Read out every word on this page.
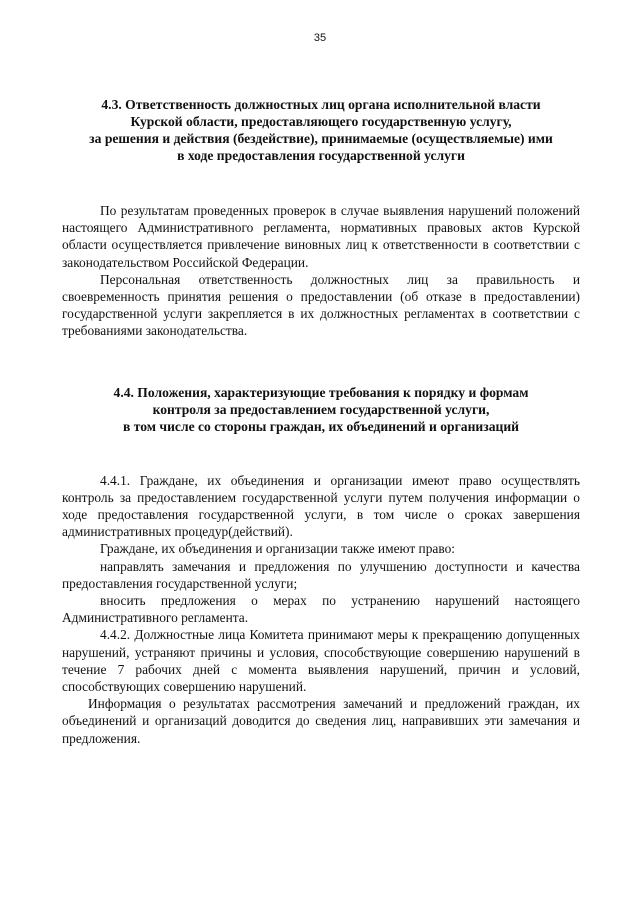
35
4.3. Ответственность должностных лиц органа исполнительной власти
Курской области, предоставляющего государственную услугу,
за решения и действия (бездействие), принимаемые (осуществляемые) ими
в ходе предоставления государственной услуги

По результатам проведенных проверок в случае выявления нарушений положений настоящего Административного регламента, нормативных правовых актов Курской области осуществляется привлечение виновных лиц к ответственности в соответствии с законодательством Российской Федерации.

Персональная ответственность должностных лиц за правильность и своевременность принятия решения о предоставлении (об отказе в предоставлении) государственной услуги закрепляется в их должностных регламентах в соответствии с требованиями законодательства.

4.4. Положения, характеризующие требования к порядку и формам
контроля за предоставлением государственной услуги,
в том числе со стороны граждан, их объединений и организаций

4.4.1. Граждане, их объединения и организации имеют право осуществлять контроль за предоставлением государственной услуги путем получения информации о ходе предоставления государственной услуги, в том числе о сроках завершения административных процедур(действий).

Граждане, их объединения и организации также имеют право:

направлять замечания и предложения по улучшению доступности и качества предоставления государственной услуги;

вносить предложения о мерах по устранению нарушений настоящего Административного регламента.

4.4.2. Должностные лица Комитета принимают меры к прекращению допущенных нарушений, устраняют причины и условия, способствующие совершению нарушений в течение 7 рабочих дней с момента выявления нарушений, причин и условий, способствующих совершению нарушений.

Информация о результатах рассмотрения замечаний и предложений граждан, их объединений и организаций доводится до сведения лиц, направивших эти замечания и предложения.
